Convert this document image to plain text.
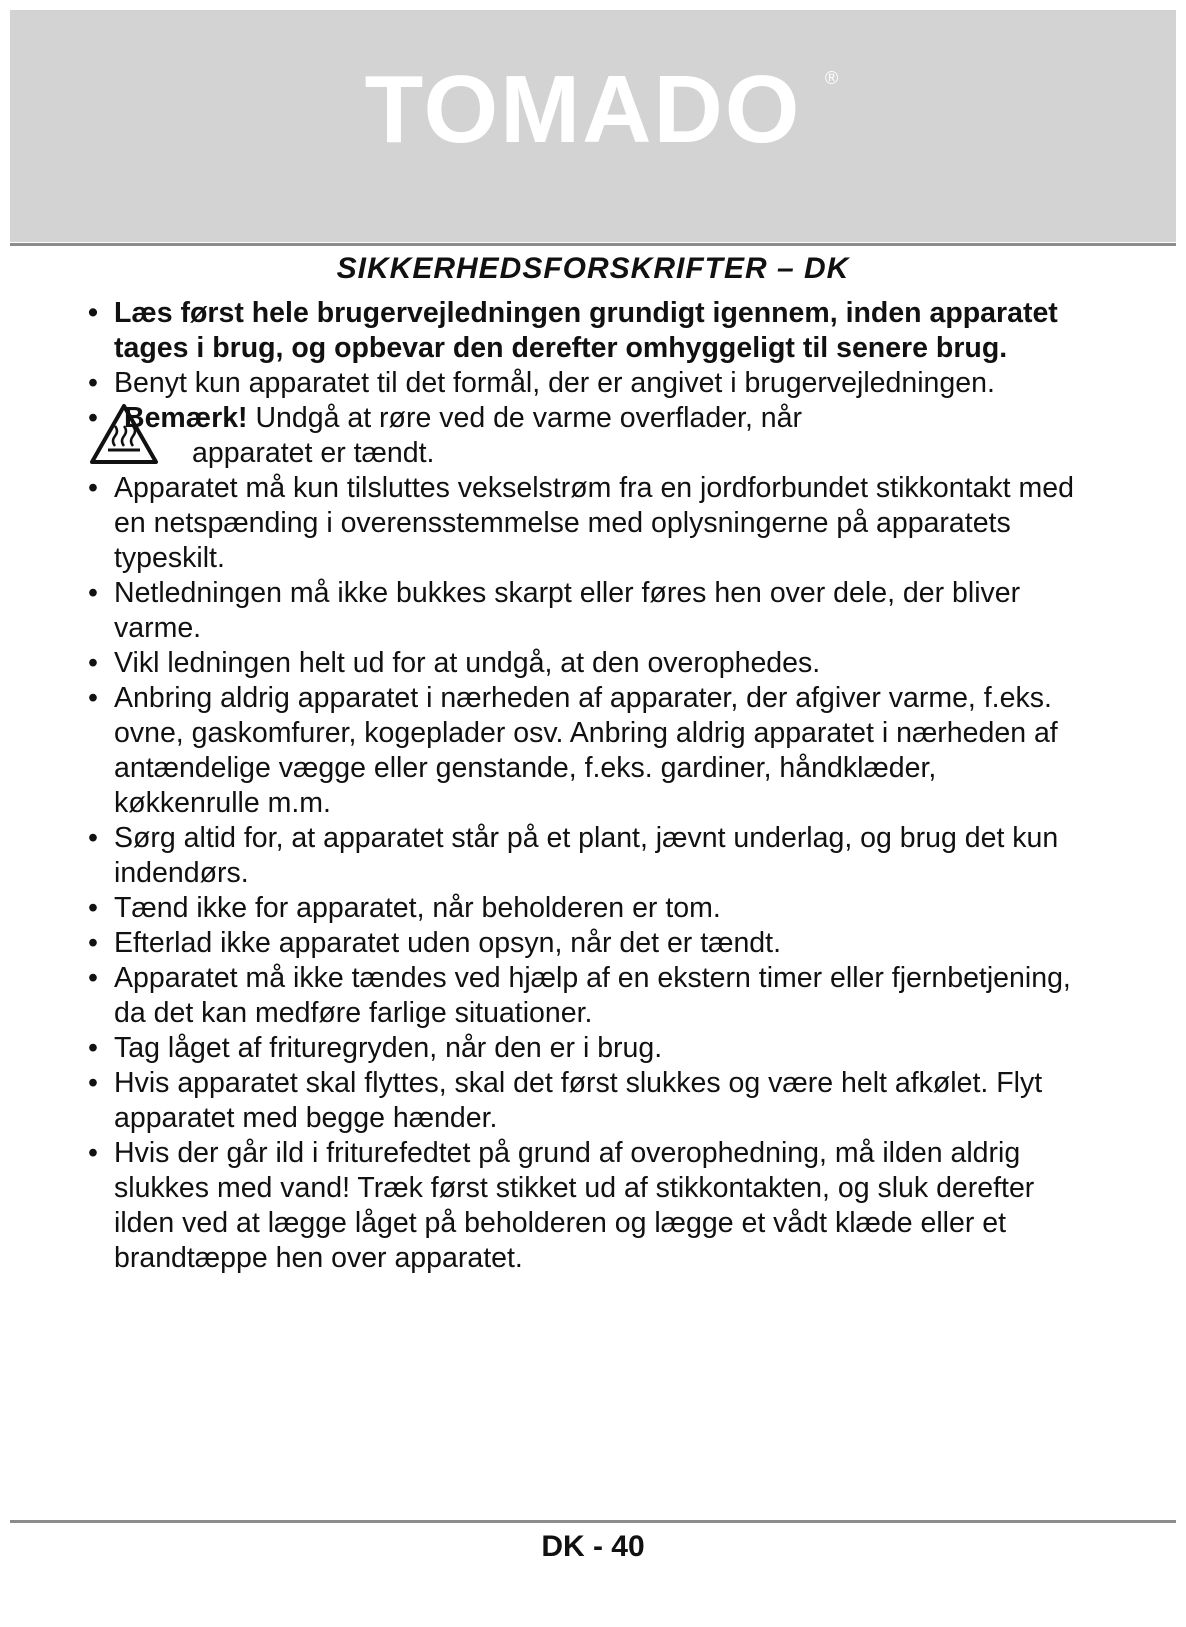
TOMADO ®
SIKKERHEDSFORSKRIFTER – DK
• Læs først hele brugervejledningen grundigt igennem, inden apparatet tages i brug, og opbevar den derefter omhyggeligt til senere brug.
• Benyt kun apparatet til det formål, der er angivet i brugervejledningen.
• Bemærk! Undgå at røre ved de varme overflader, når
apparatet er tændt.
• Apparatet må kun tilsluttes vekselstrøm fra en jordforbundet stikkontakt med en netspænding i overensstemmelse med oplysningerne på apparatets typeskilt.
• Netledningen må ikke bukkes skarpt eller føres hen over dele, der bliver varme.
• Vikl ledningen helt ud for at undgå, at den overophedes.
• Anbring aldrig apparatet i nærheden af apparater, der afgiver varme, f.eks. ovne, gaskomfurer, kogeplader osv. Anbring aldrig apparatet i nærheden af antændelige vægge eller genstande, f.eks. gardiner, håndklæder, køkkenrulle m.m.
• Sørg altid for, at apparatet står på et plant, jævnt underlag, og brug det kun indendørs.
• Tænd ikke for apparatet, når beholderen er tom.
• Efterlad ikke apparatet uden opsyn, når det er tændt.
• Apparatet må ikke tændes ved hjælp af en ekstern timer eller fjernbetjening, da det kan medføre farlige situationer.
• Tag låget af frituregryden, når den er i brug.
• Hvis apparatet skal flyttes, skal det først slukkes og være helt afkølet. Flyt apparatet med begge hænder.
• Hvis der går ild i friturefedtet på grund af overophedning, må ilden aldrig slukkes med vand! Træk først stikket ud af stikkontakten, og sluk derefter ilden ved at lægge låget på beholderen og lægge et vådt klæde eller et brandtæppe hen over apparatet.
DK - 40
